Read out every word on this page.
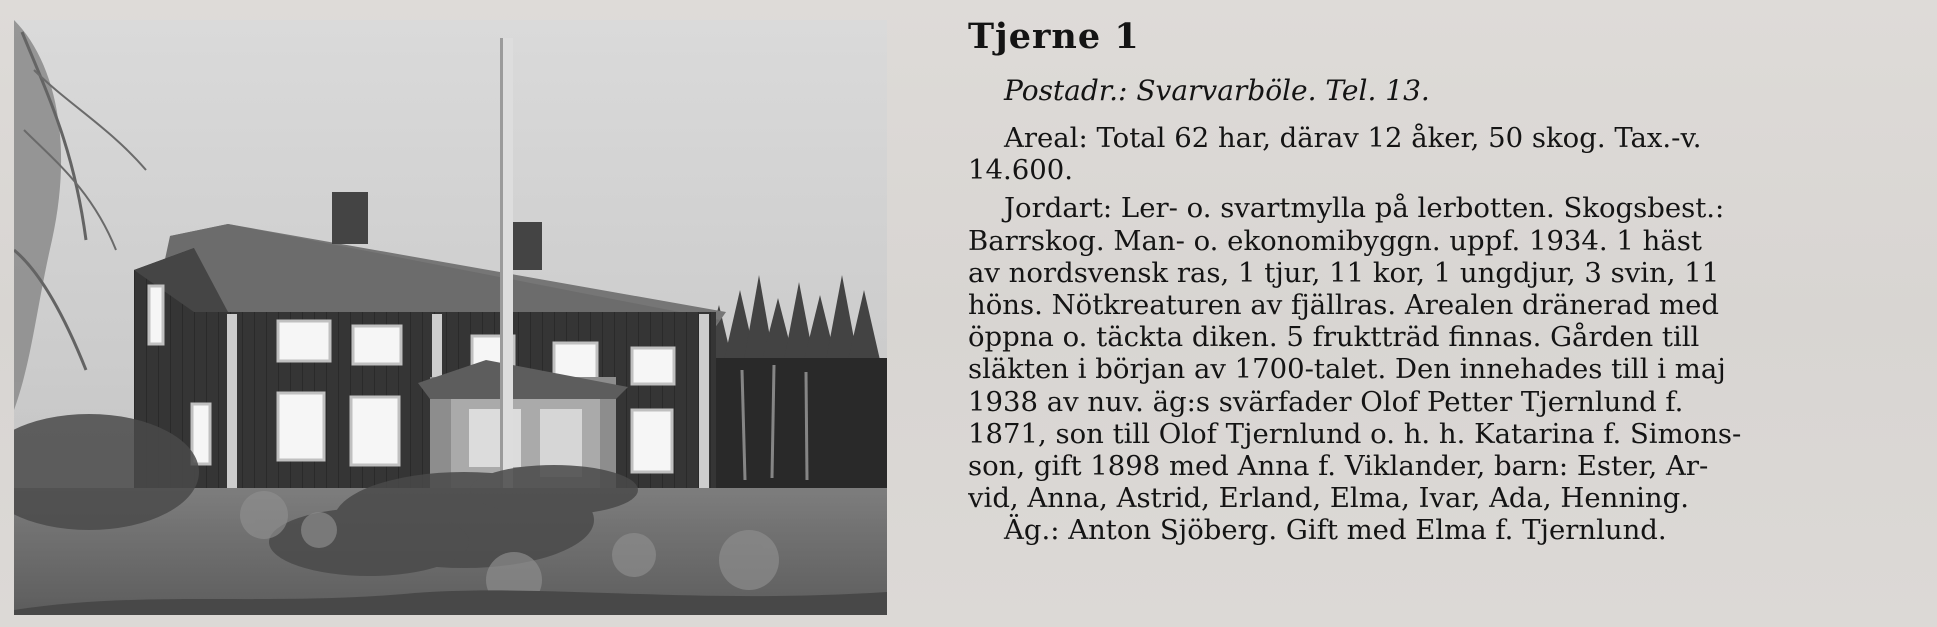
Tjerne 1
Postadr.: Svarvarböle. Tel. 13.
Areal: Total 62 har, därav 12 åker, 50 skog. Tax.-v.
14.600.
Jordart: Ler- o. svartmylla på lerbotten. Skogsbest.:
Barrskog. Man- o. ekonomibyggn. uppf. 1934. 1 häst
av nordsvensk ras, 1 tjur, 11 kor, 1 ungdjur, 3 svin, 11
höns. Nötkreaturen av fjällras. Arealen dränerad med
öppna o. täckta diken. 5 fruktträd finnas. Gården till
släkten i början av 1700-talet. Den innehades till i maj
1938 av nuv. äg:s svärfader Olof Petter Tjernlund f.
1871, son till Olof Tjernlund o. h. h. Katarina f. Simons-
son, gift 1898 med Anna f. Viklander, barn: Ester, Ar-
vid, Anna, Astrid, Erland, Elma, Ivar, Ada, Henning.
Äg.: Anton Sjöberg. Gift med Elma f. Tjernlund.
